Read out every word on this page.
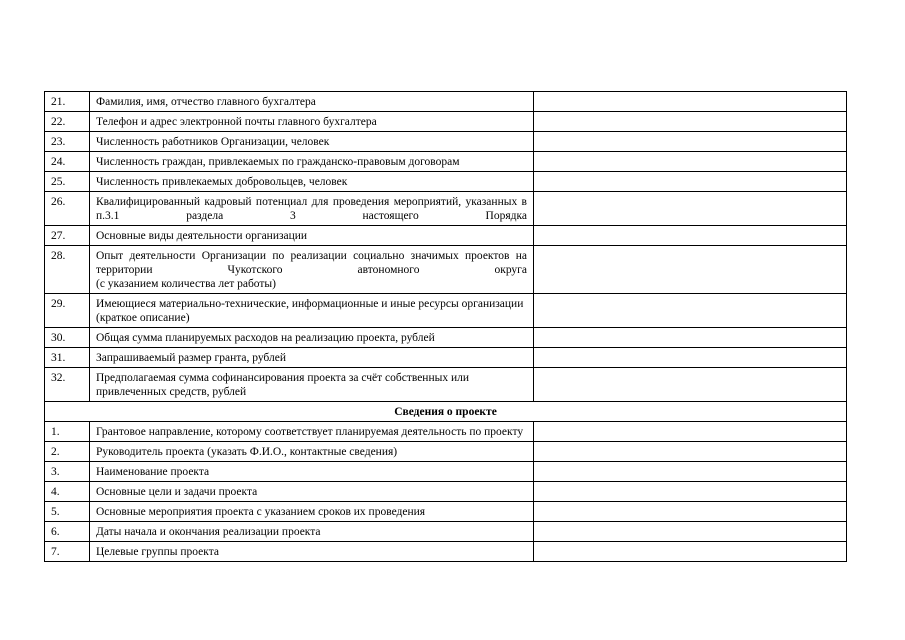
21.	Фамилия, имя, отчество главного бухгалтера	

22.	Телефон и адрес электронной почты главного бухгалтера	

23.	Численность работников Организации, человек	

24.	Численность граждан, привлекаемых по гражданско-правовым договорам	

25.	Численность привлекаемых добровольцев, человек	

26.	Квалифицированный кадровый потенциал для проведения мероприятий, указанных в п.3.1 раздела 3 настоящего Порядка	

27.	Основные виды деятельности организации	

28.	Опыт деятельности Организации по реализации социально значимых проектов на территории Чукотского автономного округа
(с указанием количества лет работы)	

29.	Имеющиеся материально-технические, информационные и иные ресурсы организации (краткое описание)	

30.	Общая сумма планируемых расходов на реализацию проекта, рублей	

31.	Запрашиваемый размер гранта, рублей	

32.	Предполагаемая сумма софинансирования проекта за счёт собственных или привлеченных средств, рублей	

Сведения о проекте		
1.	Грантовое направление, которому соответствует планируемая деятельность по проекту	

2.	Руководитель проекта (указать Ф.И.О., контактные сведения)	

3.	Наименование проекта	

4.	Основные цели и задачи проекта	

5.	Основные мероприятия проекта с указанием сроков их проведения	

6.	Даты начала и окончания реализации проекта	

7.	Целевые группы проекта	
